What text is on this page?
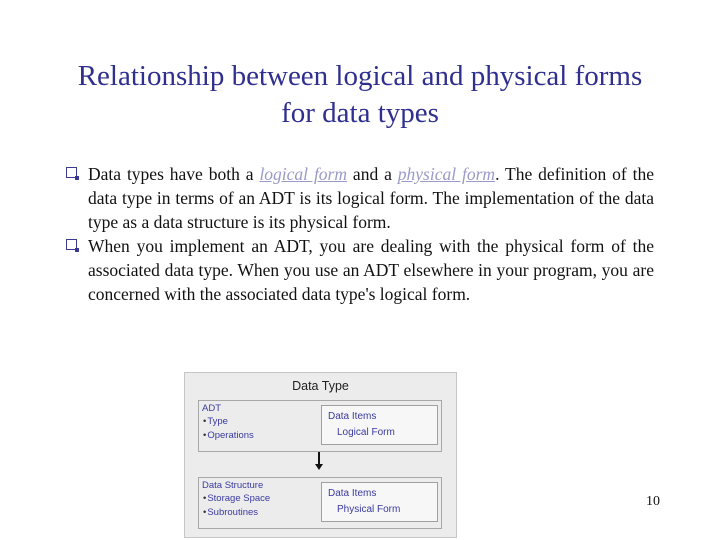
Relationship between logical and physical forms for data types
Data types have both a logical form and a physical form. The definition of the data type in terms of an ADT is its logical form. The implementation of the data type as a data structure is its physical form.
When you implement an ADT, you are dealing with the physical form of the associated data type. When you use an ADT elsewhere in your program, you are concerned with the associated data type's logical form.
Data Type
ADT
• Type
• Operations
Data Items
Logical Form
Data Structure
• Storage Space
• Subroutines
Data Items
Physical Form
10
